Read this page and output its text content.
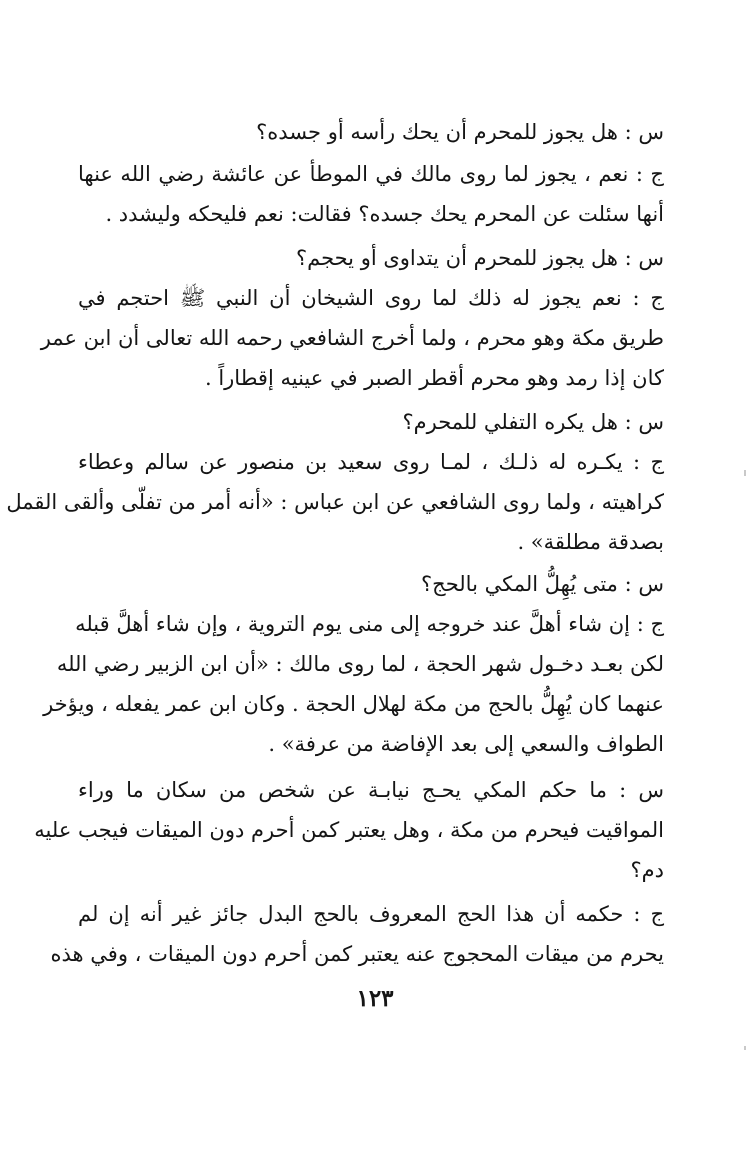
س : هل يجوز للمحرم أن يحك رأسه أو جسده؟
ج : نعم ، يجوز لما روى مالك في الموطأ عن عائشة رضي الله عنها
أنها سئلت عن المحرم يحك جسده؟ فقالت: نعم فليحكه وليشدد .
س : هل يجوز للمحرم أن يتداوى أو يحجم؟
ج : نعم يجوز له ذلك لما روى الشيخان أن النبي ﷺ احتجم في
طريق مكة وهو محرم ، ولما أخرج الشافعي رحمه الله تعالى أن ابن عمر
كان إذا رمد وهو محرم أقطر الصبر في عينيه إقطاراً .
س : هل يكره التفلي للمحرم؟
ج : يكـره له ذلـك ، لمـا روى سعيد بن منصور عن سالم وعطاء
كراهيته ، ولما روى الشافعي عن ابن عباس : «أنه أمر من تفلّى وألقى القمل
بصدقة مطلقة» .
س : متى يُهِلُّ المكي بالحج؟
ج : إن شاء أهلَّ عند خروجه إلى منى يوم التروية ، وإن شاء أهلَّ قبله
لكن بعـد دخـول شهر الحجة ، لما روى مالك : «أن ابن الزبير رضي الله
عنهما كان يُهِلُّ بالحج من مكة لهلال الحجة . وكان ابن عمر يفعله ، ويؤخر
الطواف والسعي إلى بعد الإفاضة من عرفة» .
س : ما حكم المكي يحـج نيابـة عن شخص من سكان ما وراء
المواقيت فيحرم من مكة ، وهل يعتبر كمن أحرم دون الميقات فيجب عليه
دم؟
ج : حكمه أن هذا الحج المعروف بالحج البدل جائز غير أنه إن لم
يحرم من ميقات المحجوج عنه يعتبر كمن أحرم دون الميقات ، وفي هذه
١٢٣
